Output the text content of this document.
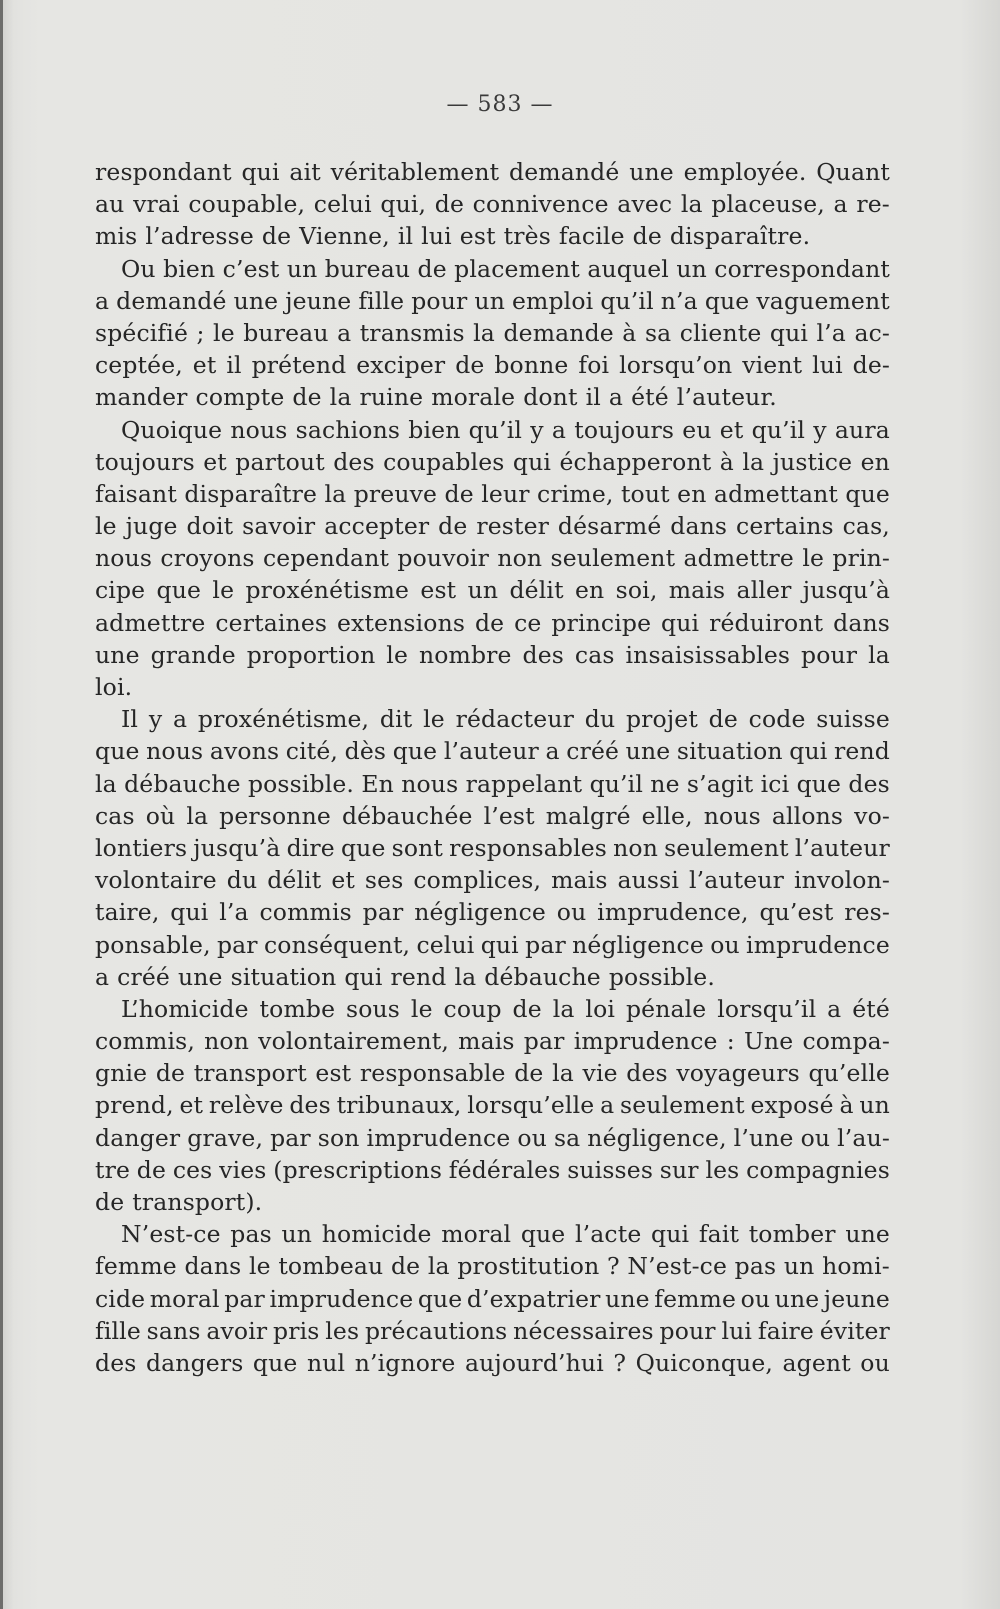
— 583 —
respondant qui ait véritablement demandé une employée. Quant
au vrai coupable, celui qui, de connivence avec la placeuse, a re-
mis l’adresse de Vienne, il lui est très facile de disparaître.
Ou bien c’est un bureau de placement auquel un correspondant
a demandé une jeune fille pour un emploi qu’il n’a que vaguement
spécifié ; le bureau a transmis la demande à sa cliente qui l’a ac-
ceptée, et il prétend exciper de bonne foi lorsqu’on vient lui de-
mander compte de la ruine morale dont il a été l’auteur.
Quoique nous sachions bien qu’il y a toujours eu et qu’il y aura
toujours et partout des coupables qui échapperont à la justice en
faisant disparaître la preuve de leur crime, tout en admettant que
le juge doit savoir accepter de rester désarmé dans certains cas,
nous croyons cependant pouvoir non seulement admettre le prin-
cipe que le proxénétisme est un délit en soi, mais aller jusqu’à
admettre certaines extensions de ce principe qui réduiront dans
une grande proportion le nombre des cas insaisissables pour la
loi.
Il y a proxénétisme, dit le rédacteur du projet de code suisse
que nous avons cité, dès que l’auteur a créé une situation qui rend
la débauche possible. En nous rappelant qu’il ne s’agit ici que des
cas où la personne débauchée l’est malgré elle, nous allons vo-
lontiers jusqu’à dire que sont responsables non seulement l’auteur
volontaire du délit et ses complices, mais aussi l’auteur involon-
taire, qui l’a commis par négligence ou imprudence, qu’est res-
ponsable, par conséquent, celui qui par négligence ou imprudence
a créé une situation qui rend la débauche possible.
L’homicide tombe sous le coup de la loi pénale lorsqu’il a été
commis, non volontairement, mais par imprudence : Une compa-
gnie de transport est responsable de la vie des voyageurs qu’elle
prend, et relève des tribunaux, lorsqu’elle a seulement exposé à un
danger grave, par son imprudence ou sa négligence, l’une ou l’au-
tre de ces vies (prescriptions fédérales suisses sur les compagnies
de transport).
N’est-ce pas un homicide moral que l’acte qui fait tomber une
femme dans le tombeau de la prostitution ? N’est-ce pas un homi-
cide moral par imprudence que d’expatrier une femme ou une jeune
fille sans avoir pris les précautions nécessaires pour lui faire éviter
des dangers que nul n’ignore aujourd’hui ? Quiconque, agent ou
